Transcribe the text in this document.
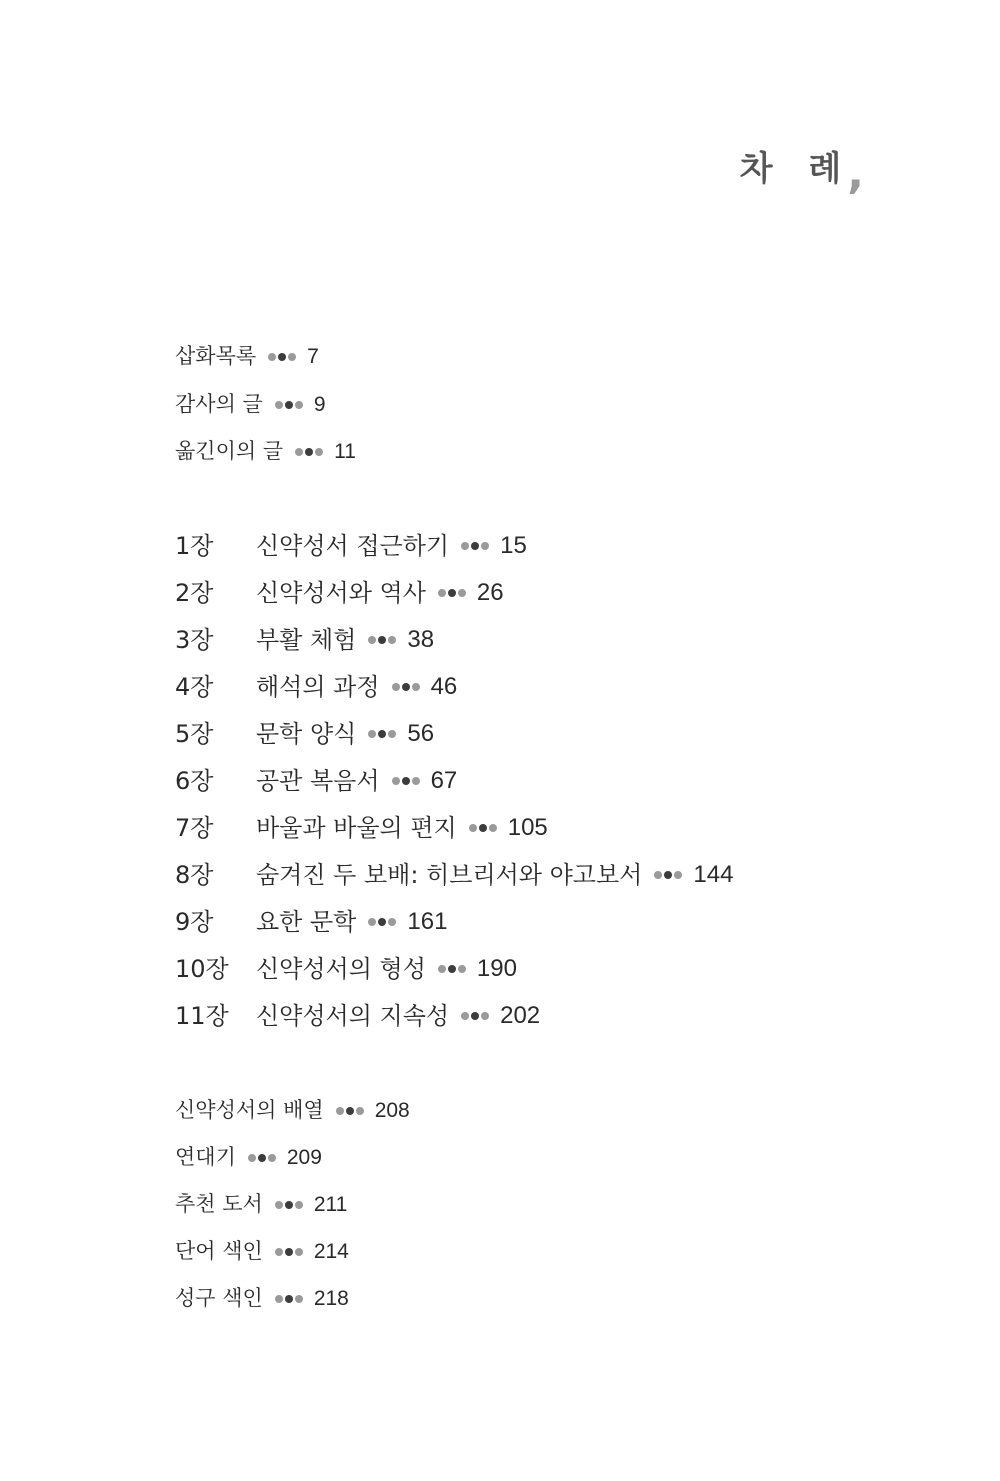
차 례
,
삽화목록 7
감사의 글 9
옮긴이의 글 11
1장	신약성서 접근하기 15
2장	신약성서와 역사 26
3장	부활 체험 38
4장	해석의 과정 46
5장	문학 양식 56
6장	공관 복음서 67
7장	바울과 바울의 편지 105
8장	숨겨진 두 보배: 히브리서와 야고보서 144
9장	요한 문학 161
10장	신약성서의 형성 190
11장	신약성서의 지속성 202
신약성서의 배열 208
연대기 209
추천 도서 211
단어 색인 214
성구 색인 218
